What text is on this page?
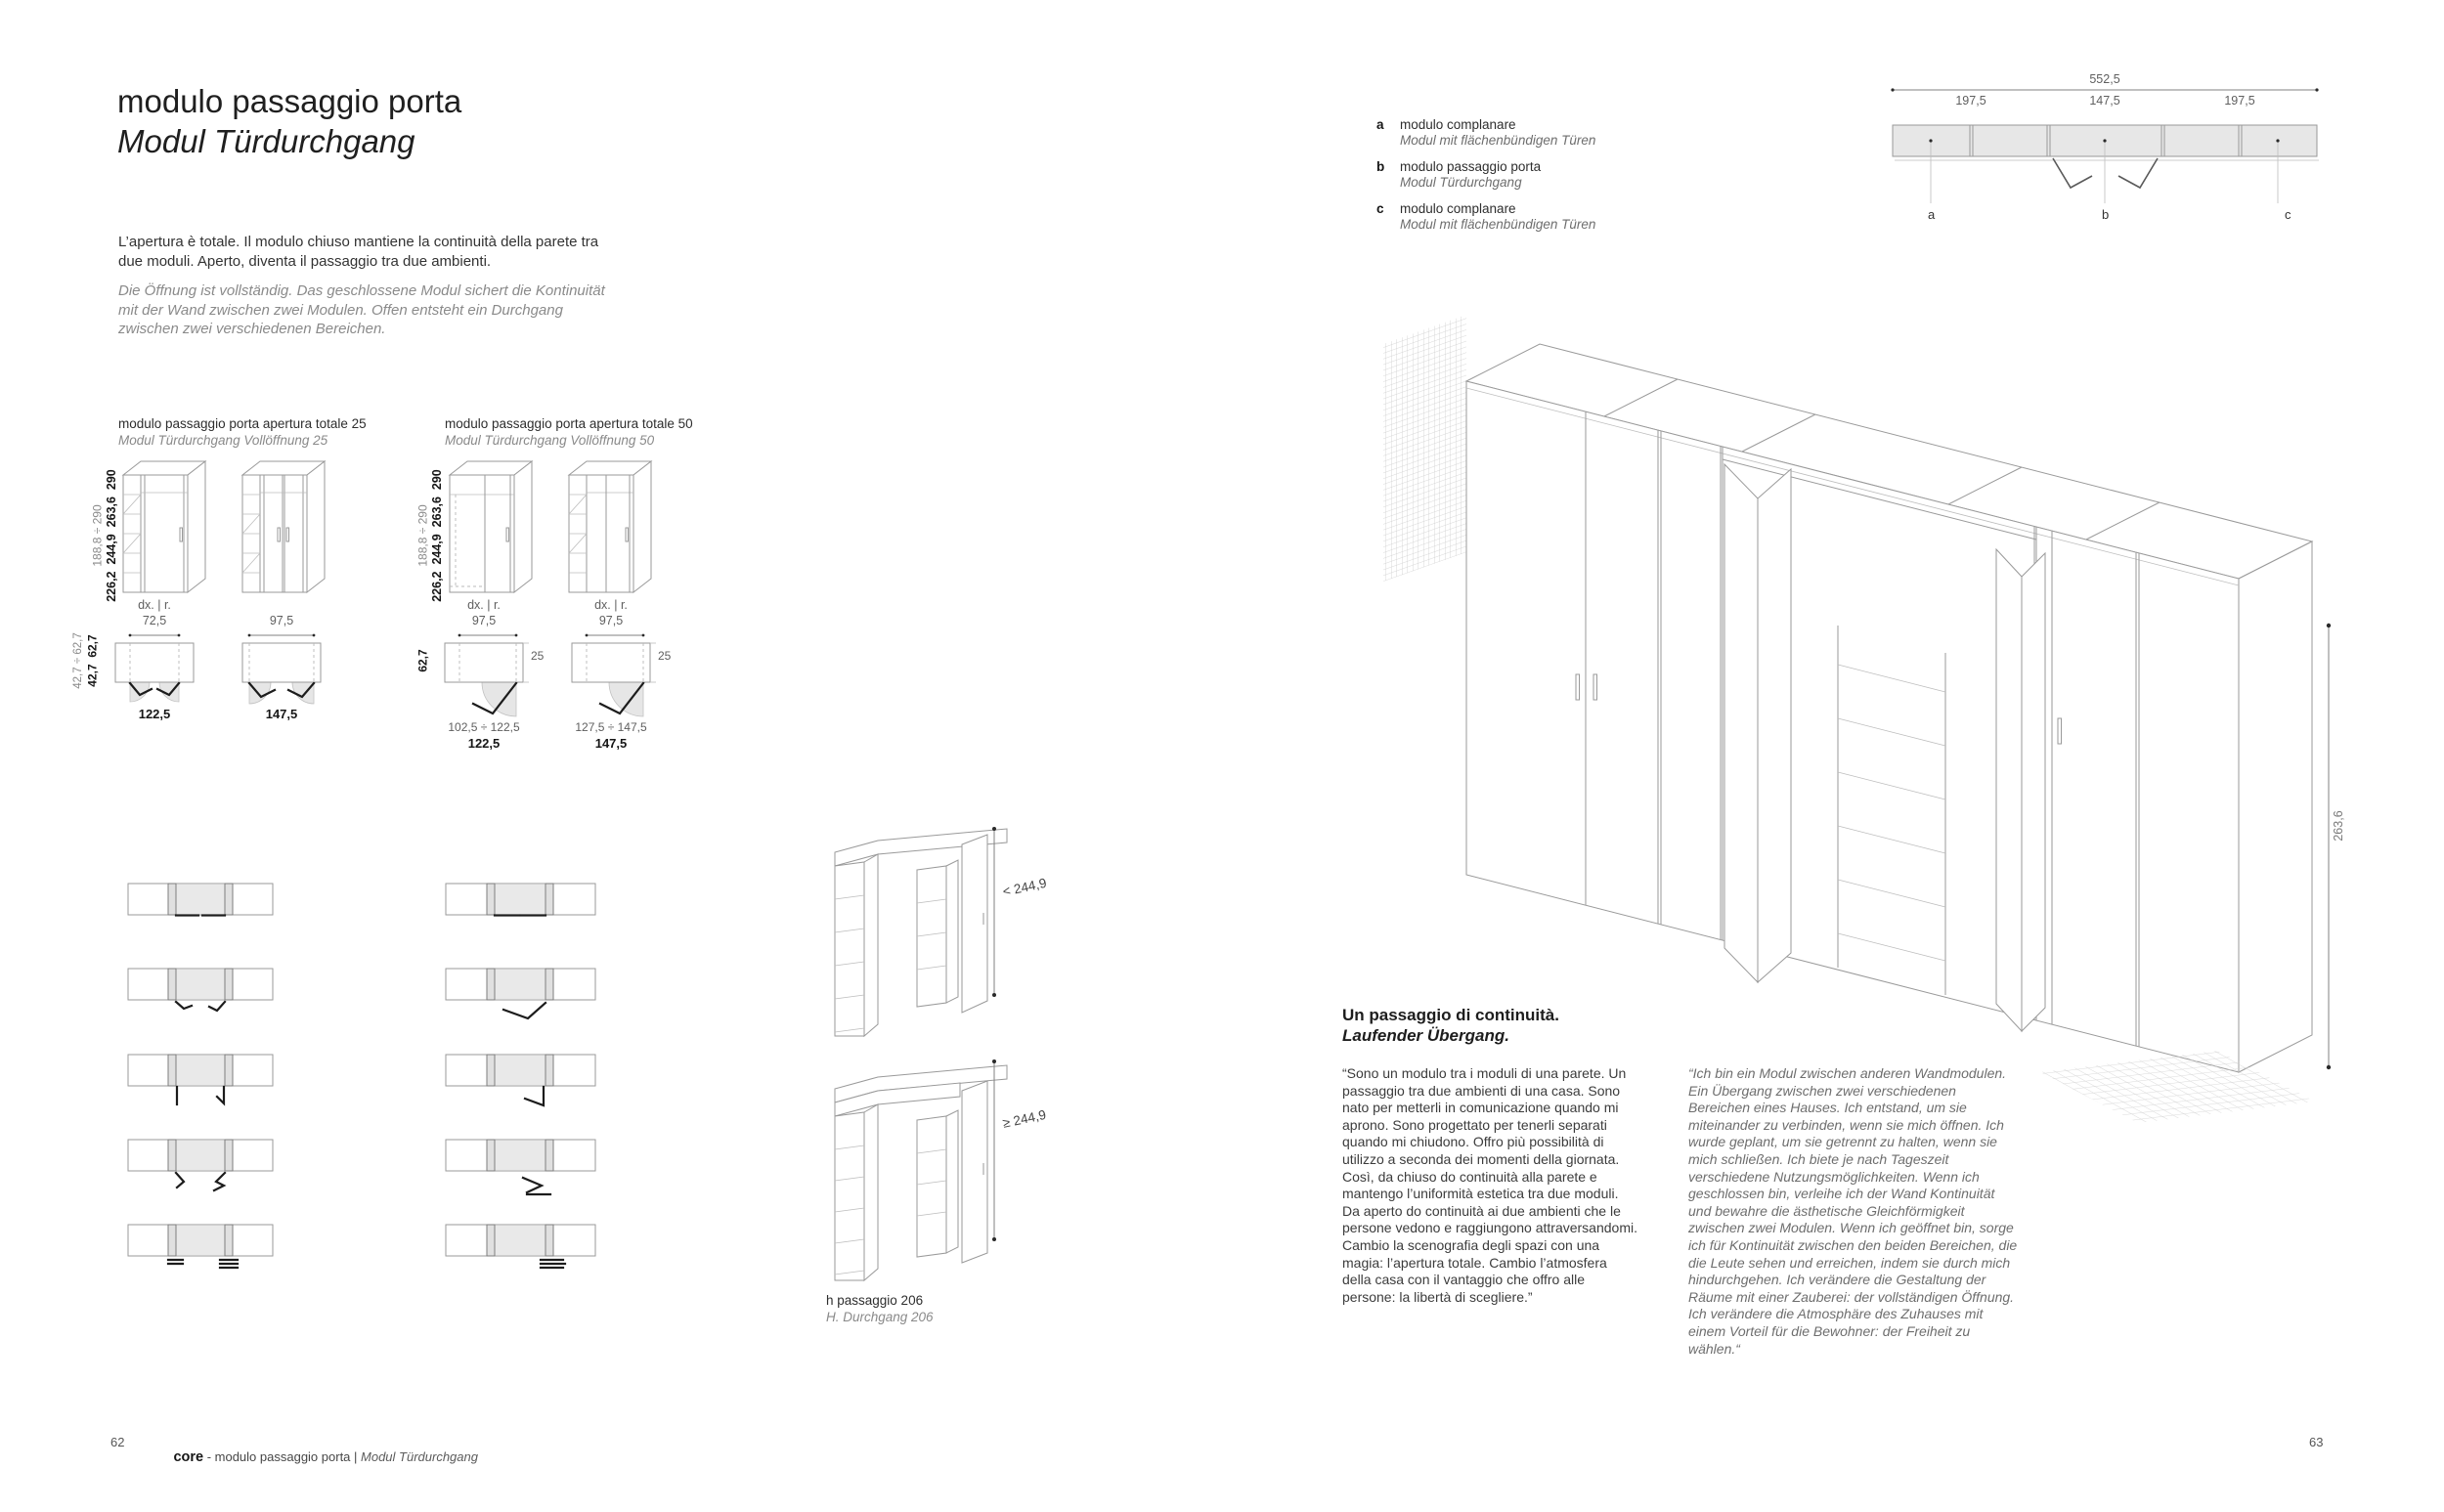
modulo passaggio porta
Modul Türdurchgang
L’apertura è totale. Il modulo chiuso mantiene la continuità della parete tra due moduli. Aperto, diventa il passaggio tra due ambienti.
Die Öffnung ist vollständig. Das geschlossene Modul sichert die Kontinuität mit der Wand zwischen zwei Modulen. Offen entsteht ein Durchgang zwischen zwei verschiedenen Bereichen.
modulo passaggio porta apertura totale 25
Modul Türdurchgang Vollöffnung 25
modulo passaggio porta apertura totale 50
Modul Türdurchgang Vollöffnung 50
188,8 ÷ 290 226,2  244,9  263,6  290	188,8 ÷ 290 226,2  244,9  263,6  290
dx. | r.
72,5	97,5
42,7 ÷ 62,7 42,7  62,7
122,5	147,5
dx. | r.
97,5
dx. | r.
97,5
62,7	25	25
102,5 ÷ 122,5
122,5
127,5 ÷ 147,5
147,5
< 244,9
≥ 244,9
h passaggio 206
H. Durchgang 206
62

core - modulo passaggio porta | Modul Türdurchgang

a modulo complanare
Modul mit flächenbündigen Türen
b modulo passaggio porta
Modul Türdurchgang
c modulo complanare
Modul mit flächenbündigen Türen
552,5
197,5	147,5	197,5
a	b	c
263,6
Un passaggio di continuità.
Laufender Übergang.
“Sono un modulo tra i moduli di una parete. Un passaggio tra due ambienti di una casa. Sono nato per metterli in comunicazione quando mi aprono. Sono progettato per tenerli separati quando mi chiudono. Offro più possibilità di utilizzo a seconda dei momenti della giornata. Così, da chiuso do continuità alla parete e mantengo l’uniformità estetica tra due moduli. Da aperto do continuità ai due ambienti che le persone vedono e raggiungono attraversandomi. Cambio la scenografia degli spazi con una magia: l’apertura totale. Cambio l’atmosfera della casa con il vantaggio che offro alle persone: la libertà di scegliere.”
“Ich bin ein Modul zwischen anderen Wandmodulen. Ein Übergang zwischen zwei verschiedenen Bereichen eines Hauses. Ich entstand, um sie miteinander zu verbinden, wenn sie mich öffnen. Ich wurde geplant, um sie getrennt zu halten, wenn sie mich schließen. Ich biete je nach Tageszeit verschiedene Nutzungsmöglichkeiten. Wenn ich geschlossen bin, verleihe ich der Wand Kontinuität und bewahre die ästhetische Gleichförmigkeit zwischen zwei Modulen. Wenn ich geöffnet bin, sorge ich für Kontinuität zwischen den beiden Bereichen, die die Leute sehen und erreichen, indem sie durch mich hindurchgehen. Ich verändere die Gestaltung der Räume mit einer Zauberei: der vollständigen Öffnung. Ich verändere die Atmosphäre des Zuhauses mit einem Vorteil für die Bewohner: der Freiheit zu wählen.“
63
